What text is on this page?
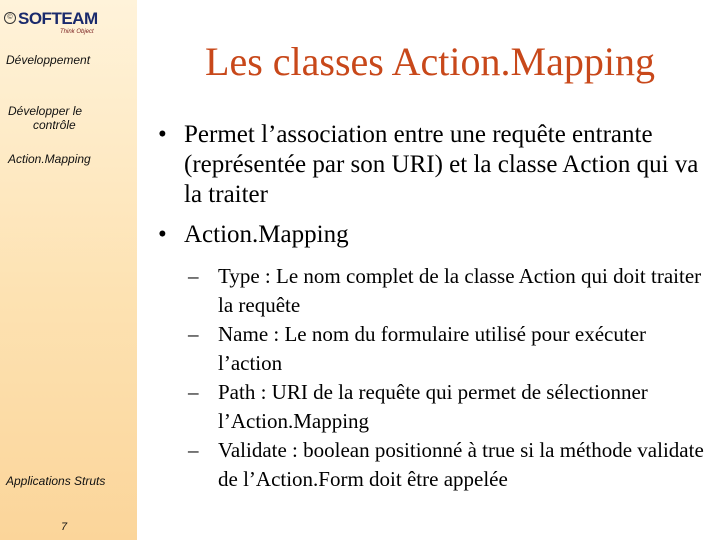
© SOFTEAM
Think Object
Développement
Développer le
contrôle
Action.Mapping
Applications Struts
7
Les classes Action.Mapping
• Permet l’association entre une requête entrante (représentée par son URI) et la classe Action qui va la traiter
• Action.Mapping
– Type : Le nom complet de la classe Action qui doit traiter la requête
– Name : Le nom du formulaire utilisé pour exécuter l’action
– Path : URI de la requête qui permet de sélectionner l’Action.Mapping
– Validate : boolean positionné à true si la méthode validate de l’Action.Form doit être appelée
